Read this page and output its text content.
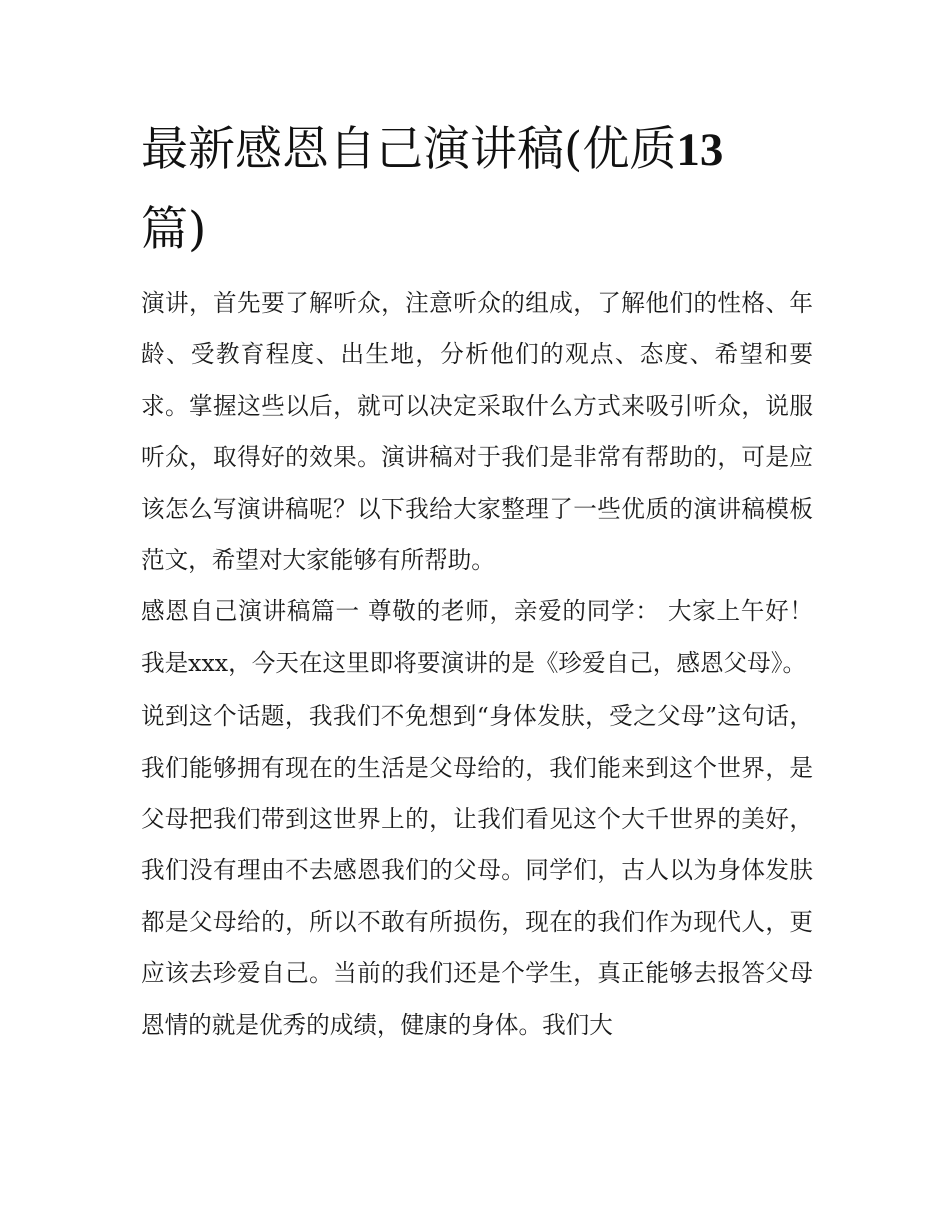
最新感恩自己演讲稿(优质13
篇)

演讲，首先要了解听众，注意听众的组成，了解他们的性格、年龄、受教育程度、出生地，分析他们的观点、态度、希望和要求。掌握这些以后，就可以决定采取什么方式来吸引听众，说服听众，取得好的效果。演讲稿对于我们是非常有帮助的，可是应该怎么写演讲稿呢？以下我给大家整理了一些优质的演讲稿模板范文，希望对大家能够有所帮助。

感恩自己演讲稿篇一 尊敬的老师，亲爱的同学： 大家上午好！ 我是xxx，今天在这里即将要演讲的是《珍爱自己，感恩父母》。

说到这个话题，我我们不免想到“身体发肤，受之父母”这句话，我们能够拥有现在的生活是父母给的，我们能来到这个世界，是父母把我们带到这世界上的，让我们看见这个大千世界的美好，我们没有理由不去感恩我们的父母。同学们，古人以为身体发肤都是父母给的，所以不敢有所损伤，现在的我们作为现代人，更应该去珍爱自己。当前的我们还是个学生，真正能够去报答父母恩情的就是优秀的成绩，健康的身体。我们大
